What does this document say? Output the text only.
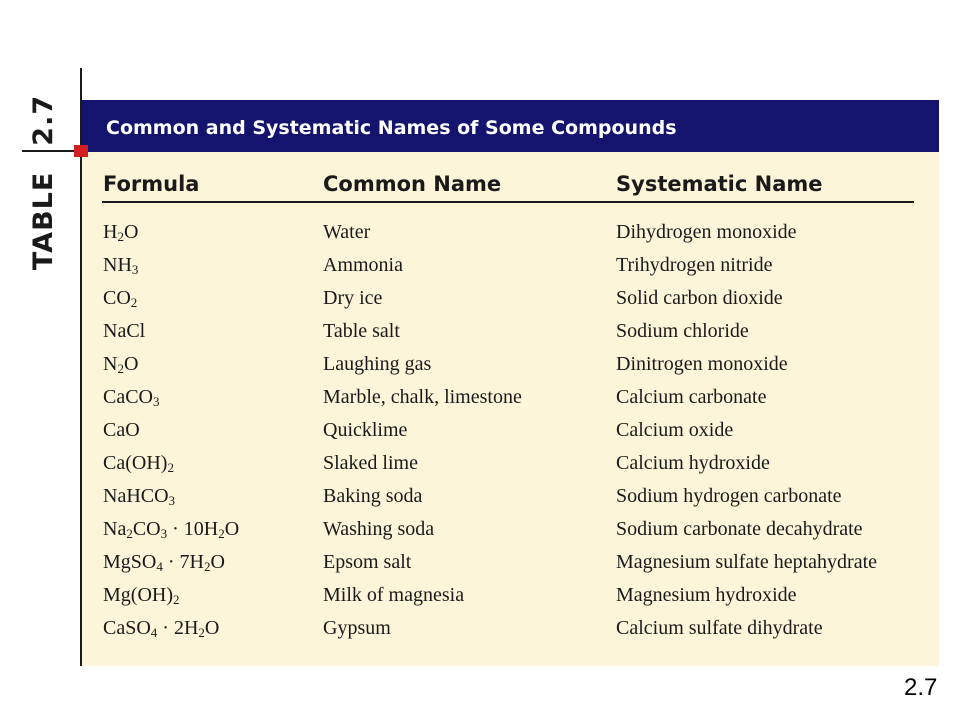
TABLE2.7	Common and Systematic Names of Some Compounds
Formula	Common Name	Systematic Name
$H_2O$	Water	Dihydrogen monoxide
$NH_3$	Ammonia	Trihydrogen nitride
$CO_2$	Dry ice	Solid carbon dioxide
NaCl	Table salt	Sodium chloride
$N_2O$	Laughing gas	Dinitrogen monoxide
CaCO$_3$	Marble, chalk, limestone	Calcium carbonate
CaO	Quicklime	Calcium oxide
$Ca(OH)_2$	Slaked lime	Calcium hydroxide
NaHCO$_3$	Baking soda	Sodium hydrogen carbonate
$Na_2CO_3 \cdot 10H_2O$	Washing soda	Sodium carbonate decahydrate
MgSO$_4$ · $7H_2O$	Epsom salt	Magnesium sulfate heptahydrate
$Mg(OH)_2$	Milk of magnesia	Magnesium hydroxide
CaSO$_4$ · $2H_2O$	Gypsum	Calcium sulfate dihydrate
2.7
